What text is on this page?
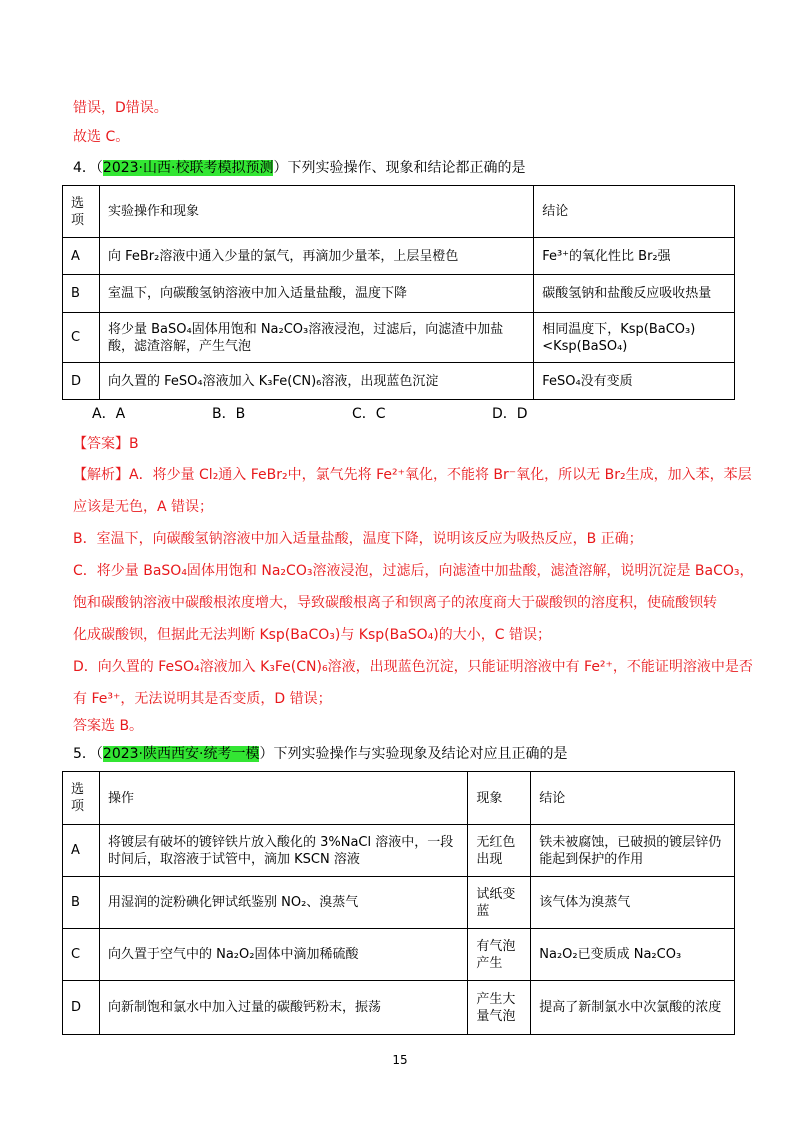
错误，D错误。
故选 C。
4．（2023·山西·校联考模拟预测）下列实验操作、现象和结论都正确的是
选项	实验操作和现象	结论
A	向 FeBr₂溶液中通入少量的氯气，再滴加少量苯，上层呈橙色	Fe³⁺的氧化性比 Br₂强
B	室温下，向碳酸氢钠溶液中加入适量盐酸，温度下降	碳酸氢钠和盐酸反应吸收热量
C	将少量 BaSO₄固体用饱和 Na₂CO₃溶液浸泡，过滤后，向滤渣中加盐酸，滤渣溶解，产生气泡	相同温度下，Ksp(BaCO₃)<Ksp(BaSO₄)
D	向久置的 FeSO₄溶液加入 K₃Fe(CN)₆溶液，出现蓝色沉淀	FeSO₄没有变质
A．A	B．B	C．C	D．D
【答案】B
【解析】A．将少量 Cl₂通入 FeBr₂中，氯气先将 Fe²⁺氧化，不能将 Br⁻氧化，所以无 Br₂生成，加入苯，苯层
应该是无色，A 错误；
B．室温下，向碳酸氢钠溶液中加入适量盐酸，温度下降，说明该反应为吸热反应，B 正确；
C．将少量 BaSO₄固体用饱和 Na₂CO₃溶液浸泡，过滤后，向滤渣中加盐酸，滤渣溶解，说明沉淀是 BaCO₃，
饱和碳酸钠溶液中碳酸根浓度增大，导致碳酸根离子和钡离子的浓度商大于碳酸钡的溶度积，使硫酸钡转
化成碳酸钡，但据此无法判断 Ksp(BaCO₃)与 Ksp(BaSO₄)的大小，C 错误；
D．向久置的 FeSO₄溶液加入 K₃Fe(CN)₆溶液，出现蓝色沉淀，只能证明溶液中有 Fe²⁺，不能证明溶液中是否
有 Fe³⁺，无法说明其是否变质，D 错误；
答案选 B。
5．（2023·陕西西安·统考一模）下列实验操作与实验现象及结论对应且正确的是
选项	操作	现象	结论
A	将镀层有破坏的镀锌铁片放入酸化的 3%NaCl 溶液中，一段时间后，取溶液于试管中，滴加 KSCN 溶液	无红色出现	铁未被腐蚀，已破损的镀层锌仍能起到保护的作用
B	用湿润的淀粉碘化钾试纸鉴别 NO₂、溴蒸气	试纸变蓝	该气体为溴蒸气
C	向久置于空气中的 Na₂O₂固体中滴加稀硫酸	有气泡产生	Na₂O₂已变质成 Na₂CO₃
D	向新制饱和氯水中加入过量的碳酸钙粉末，振荡	产生大量气泡	提高了新制氯水中次氯酸的浓度
15
